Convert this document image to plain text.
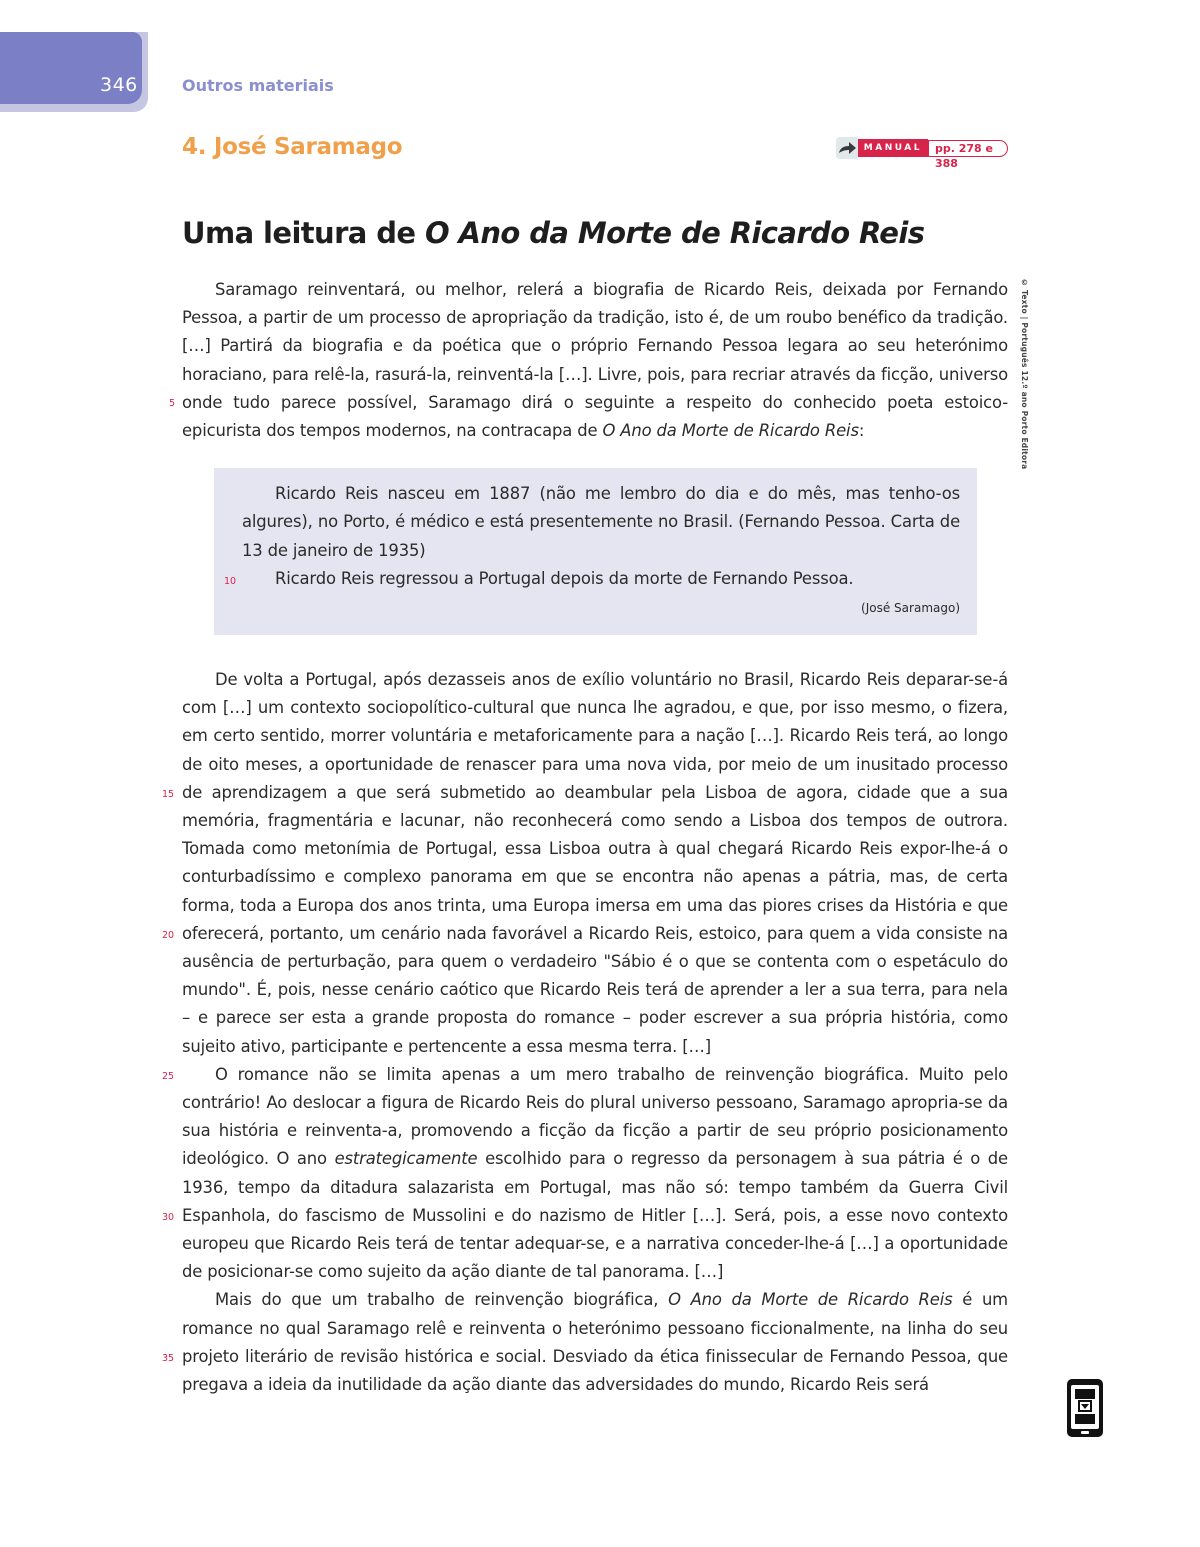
346	Outros materiais
4. José Saramago	MANUAL	pp. 278 e 388
Uma leitura de O Ano da Morte de Ricardo Reis
© Texto | Português 12.º ano Porto Editora

Saramago reinventará, ou melhor, relerá a biografia de Ricardo Reis, deixada por Fernando Pessoa, a partir de um processo de apropriação da tradição, isto é, de um roubo benéfico da tradição. […] Partirá da biografia e da poética que o próprio Fernando Pessoa legara ao seu heterónimo horaciano, para relê-la, rasurá-la, reinventá-la […]. Livre, pois, para recriar através da ficção, universo onde tudo parece possível, Saramago dirá o seguinte a respeito do conhecido poeta estoico-epicurista dos tempos modernos, na contracapa de O Ano da Morte de Ricardo Reis:

Ricardo Reis nasceu em 1887 (não me lembro do dia e do mês, mas tenho-os algures), no Porto, é médico e está presentemente no Brasil. (Fernando Pessoa. Carta de 13 de janeiro de 1935)

Ricardo Reis regressou a Portugal depois da morte de Fernando Pessoa.

(José Saramago)

De volta a Portugal, após dezasseis anos de exílio voluntário no Brasil, Ricardo Reis deparar-se-á com […] um contexto sociopolítico-cultural que nunca lhe agradou, e que, por isso mesmo, o fizera, em certo sentido, morrer voluntária e metaforicamente para a nação […]. Ricardo Reis terá, ao longo de oito meses, a oportunidade de renascer para uma nova vida, por meio de um inusitado processo de aprendizagem a que será submetido ao deambular pela Lisboa de agora, cidade que a sua memória, fragmentária e lacunar, não reconhecerá como sendo a Lisboa dos tempos de outrora. Tomada como metonímia de Portugal, essa Lisboa outra à qual chegará Ricardo Reis expor-lhe-á o conturbadíssimo e complexo panorama em que se encontra não apenas a pátria, mas, de certa forma, toda a Europa dos anos trinta, uma Europa imersa em uma das piores crises da História e que oferecerá, portanto, um cenário nada favorável a Ricardo Reis, estoico, para quem a vida consiste na ausência de perturbação, para quem o verdadeiro "Sábio é o que se contenta com o espetáculo do mundo". É, pois, nesse cenário caótico que Ricardo Reis terá de aprender a ler a sua terra, para nela – e parece ser esta a grande proposta do romance – poder escrever a sua própria história, como sujeito ativo, participante e pertencente a essa mesma terra. […]

O romance não se limita apenas a um mero trabalho de reinvenção biográfica. Muito pelo contrário! Ao deslocar a figura de Ricardo Reis do plural universo pessoano, Saramago apropria-se da sua história e reinventa-a, promovendo a ficção da ficção a partir de seu próprio posicionamento ideológico. O ano estrategicamente escolhido para o regresso da personagem à sua pátria é o de 1936, tempo da ditadura salazarista em Portugal, mas não só: tempo também da Guerra Civil Espanhola, do fascismo de Mussolini e do nazismo de Hitler […]. Será, pois, a esse novo contexto europeu que Ricardo Reis terá de tentar adequar-se, e a narrativa conceder-lhe-á […] a oportunidade de posicionar-se como sujeito da ação diante de tal panorama. […]

Mais do que um trabalho de reinvenção biográfica, O Ano da Morte de Ricardo Reis é um romance no qual Saramago relê e reinventa o heterónimo pessoano ficcionalmente, na linha do seu projeto literário de revisão histórica e social. Desviado da ética finissecular de Fernando Pessoa, que pregava a ideia da inutilidade da ação diante das adversidades do mundo, Ricardo Reis será

5
10
15
20
25
30
35
